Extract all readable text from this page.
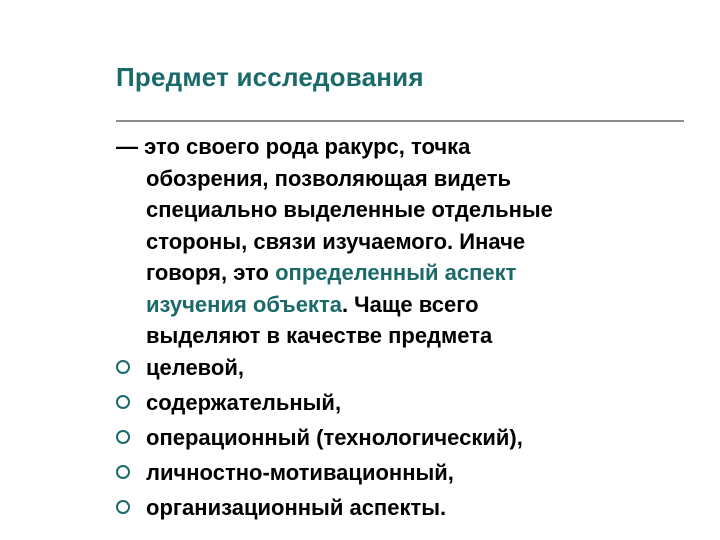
Предмет исследования
— это своего рода ракурс, точка
обозрения, позволяющая видеть
специально выделенные отдельные
стороны, связи изучаемого. Иначе
говоря, это определенный аспект
изучения объекта. Чаще всего
выделяют в качестве предмета
целевой,
содержательный,
операционный (технологический),
личностно-мотивационный,
организационный аспекты.
